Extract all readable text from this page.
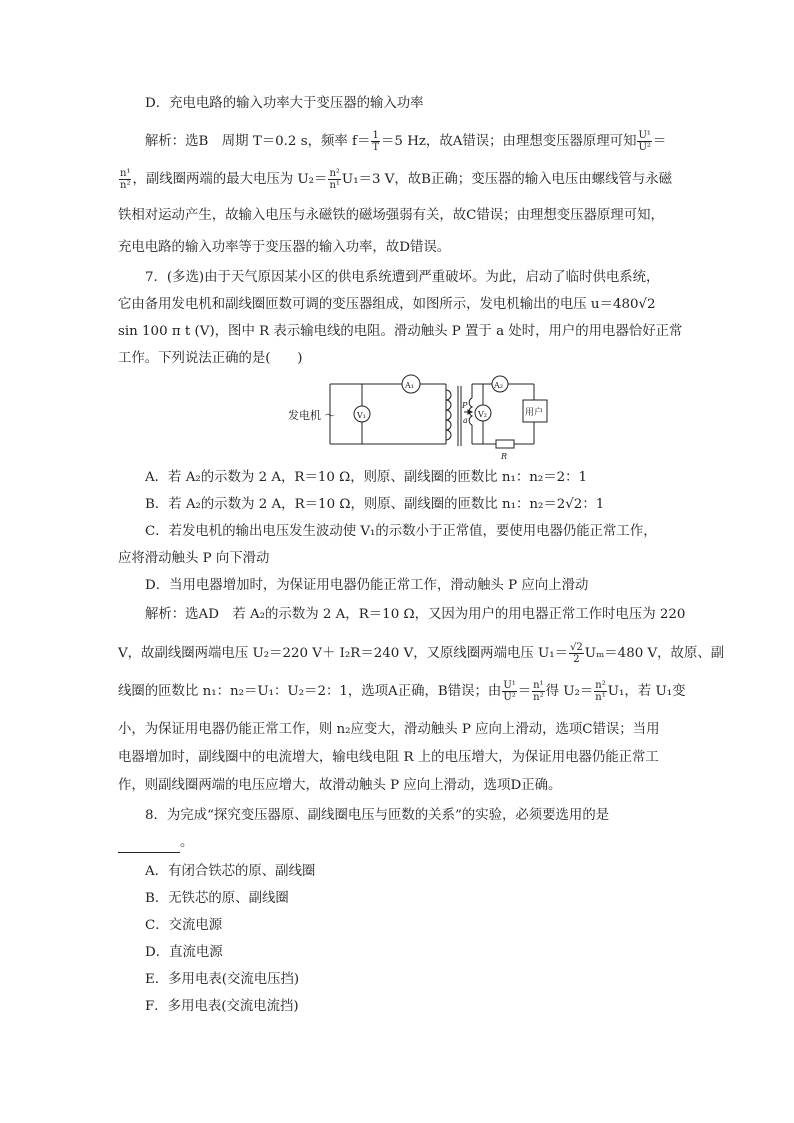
D．充电电路的输入功率大于变压器的输入功率
解析：选B　周期 T＝0.2 s，频率 $f= \frac{1}{T} =5$ Hz，故A错误；由理想变压器原理可知 $\frac{\text{U¹}}{\text{U²}}$ ＝
$\frac{\text{n¹}}{\text{n²}}$ ，副线圈两端的最大电压为 $U_2= \frac{\text{n²}}{\text{n¹}} U_1=3$ V，故B正确；变压器的输入电压由螺线管与永磁
铁相对运动产生，故输入电压与永磁铁的磁场强弱有关，故C错误；由理想变压器原理可知，
充电电路的输入功率等于变压器的输入功率，故D错误。
7．(多选)由于天气原因某小区的供电系统遭到严重破坏。为此，启动了临时供电系统，
它由备用发电机和副线圈匝数可调的变压器组成，如图所示，发电机输出的电压 u＝480√2
sin 100 π t (V)，图中 R 表示输电线的电阻。滑动触头 P 置于 a 处时，用户的用电器恰好正常
工作。下列说法正确的是(　　)
发电机 ～
A₁
V₁
A₂
V₂
P
a
用户
R
A．若 A₂的示数为 2 A，R＝10 Ω，则原、副线圈的匝数比 n₁：n₂＝2：1
B．若 A₂的示数为 2 A，R＝10 Ω，则原、副线圈的匝数比 n₁：n₂＝2√2：1
C．若发电机的输出电压发生波动使 V₁的示数小于正常值，要使用电器仍能正常工作，
应将滑动触头 P 向下滑动
D．当用电器增加时，为保证用电器仍能正常工作，滑动触头 P 应向上滑动
解析：选AD　若 A₂的示数为 2 A，R＝10 Ω，又因为用户的用电器正常工作时电压为 220
V，故副线圈两端电压 U₂＝220 V＋ I₂R＝240 V，又原线圈两端电压 $U_1= \frac{√2}{2} U_m=480$ V，故原、副
线圈的匝数比 n₁：n₂＝U₁：U₂＝2：1，选项A正确，B错误；由 $\frac{\text{U¹}}{\text{U²}} = \frac{\text{n¹}}{\text{n²}}$ 得 $U_2= \frac{\text{n²}}{\text{n¹}} U_1$，若 U₁变
小，为保证用电器仍能正常工作，则 n₂应变大，滑动触头 P 应向上滑动，选项C错误；当用
电器增加时，副线圈中的电流增大，输电线电阻 R 上的电压增大，为保证用电器仍能正常工
作，则副线圈两端的电压应增大，故滑动触头 P 应向上滑动，选项D正确。
8．为完成“探究变压器原、副线圈电压与匝数的关系”的实验，必须要选用的是
。
A．有闭合铁芯的原、副线圈
B．无铁芯的原、副线圈
C．交流电源
D．直流电源
E．多用电表(交流电压挡)
F．多用电表(交流电流挡)
